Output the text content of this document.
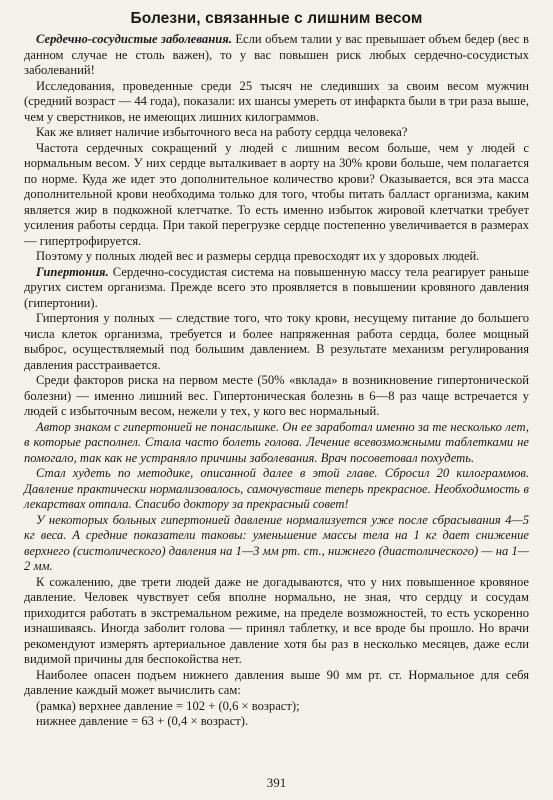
Болезни, связанные с лишним весом

Сердечно-сосудистые заболевания. Если объем талии у вас превышает объем бедер (вес в данном случае не столь важен), то у вас повышен риск любых сердечно-сосудистых заболеваний!

Исследования, проведенные среди 25 тысяч не следивших за своим весом мужчин (средний возраст — 44 года), показали: их шансы умереть от инфаркта были в три раза выше, чем у сверстников, не имеющих лишних килограммов.

Как же влияет наличие избыточного веса на работу сердца человека?

Частота сердечных сокращений у людей с лишним весом больше, чем у людей с нормальным весом. У них сердце выталкивает в аорту на 30% крови больше, чем полагается по норме. Куда же идет это дополнительное количество крови? Оказывается, вся эта масса дополнительной крови необходима только для того, чтобы питать балласт организма, каким является жир в подкожной клетчатке. То есть именно избыток жировой клетчатки требует усиления работы сердца. При такой перегрузке сердце постепенно увеличивается в размерах — гипертрофируется.

Поэтому у полных людей вес и размеры сердца превосходят их у здоровых людей.

Гипертония. Сердечно-сосудистая система на повышенную массу тела реагирует раньше других систем организма. Прежде всего это проявляется в повышении кровяного давления (гипертонии).

Гипертония у полных — следствие того, что току крови, несущему питание до большего числа клеток организма, требуется и более напряженная работа сердца, более мощный выброс, осуществляемый под большим давлением. В результате механизм регулирования давления расстраивается.

Среди факторов риска на первом месте (50% «вклада» в возникновение гипертонической болезни) — именно лишний вес. Гипертоническая болезнь в 6—8 раз чаще встречается у людей с избыточным весом, нежели у тех, у кого вес нормальный.

Автор знаком с гипертонией не понаслышке. Он ее заработал именно за те несколько лет, в которые располнел. Стала часто болеть голова. Лечение всевозможными таблетками не помогало, так как не устраняло причины заболевания. Врач посоветовал похудеть.

Стал худеть по методике, описанной далее в этой главе. Сбросил 20 килограммов. Давление практически нормализовалось, самочувствие теперь прекрасное. Необходимость в лекарствах отпала. Спасибо доктору за прекрасный совет!

У некоторых больных гипертонией давление нормализуется уже после сбрасывания 4—5 кг веса. А средние показатели таковы: уменьшение массы тела на 1 кг дает снижение верхнего (систолического) давления на 1—3 мм рт. ст., нижнего (диастолического) — на 1—2 мм.

К сожалению, две трети людей даже не догадываются, что у них повышенное кровяное давление. Человек чувствует себя вполне нормально, не зная, что сердцу и сосудам приходится работать в экстремальном режиме, на пределе возможностей, то есть ускоренно изнашиваясь. Иногда заболит голова — принял таблетку, и все вроде бы прошло. Но врачи рекомендуют измерять артериальное давление хотя бы раз в несколько месяцев, даже если видимой причины для беспокойства нет.

Наиболее опасен подъем нижнего давления выше 90 мм рт. ст. Нормальное для себя давление каждый может вычислить сам:

(рамка) верхнее давление = 102 + (0,6 × возраст);

нижнее давление = 63 + (0,4 × возраст).

391
